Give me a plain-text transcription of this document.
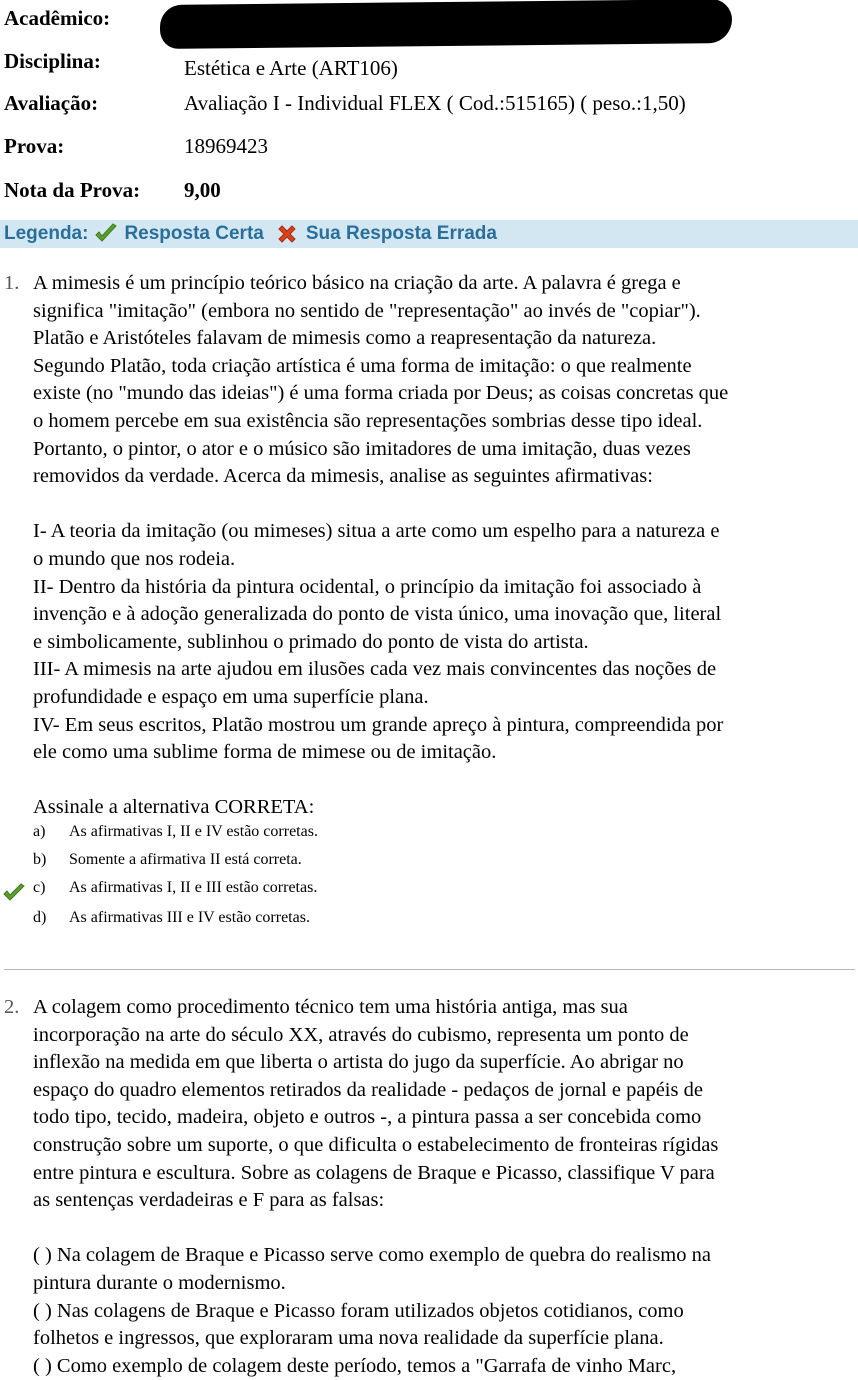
Acadêmico:
Disciplina:	Estética e Arte (ART106)
Avaliação:	Avaliação I - Individual FLEX ( Cod.:515165) ( peso.:1,50)
Prova:	18969423
Nota da Prova: 9,00
Legenda: Resposta Certa Sua Resposta Errada
1. A mimesis é um princípio teórico básico na criação da arte. A palavra é grega e
significa "imitação" (embora no sentido de "representação" ao invés de "copiar").
Platão e Aristóteles falavam de mimesis como a reapresentação da natureza.
Segundo Platão, toda criação artística é uma forma de imitação: o que realmente
existe (no "mundo das ideias") é uma forma criada por Deus; as coisas concretas que
o homem percebe em sua existência são representações sombrias desse tipo ideal.
Portanto, o pintor, o ator e o músico são imitadores de uma imitação, duas vezes
removidos da verdade. Acerca da mimesis, analise as seguintes afirmativas:
I- A teoria da imitação (ou mimeses) situa a arte como um espelho para a natureza e
o mundo que nos rodeia.
II- Dentro da história da pintura ocidental, o princípio da imitação foi associado à
invenção e à adoção generalizada do ponto de vista único, uma inovação que, literal
e simbolicamente, sublinhou o primado do ponto de vista do artista.
III- A mimesis na arte ajudou em ilusões cada vez mais convincentes das noções de
profundidade e espaço em uma superfície plana.
IV- Em seus escritos, Platão mostrou um grande apreço à pintura, compreendida por
ele como uma sublime forma de mimese ou de imitação.
Assinale a alternativa CORRETA:
a) As afirmativas I, II e IV estão corretas.
b) Somente a afirmativa II está correta.
c) As afirmativas I, II e III estão corretas.
d) As afirmativas III e IV estão corretas.
2. A colagem como procedimento técnico tem uma história antiga, mas sua
incorporação na arte do século XX, através do cubismo, representa um ponto de
inflexão na medida em que liberta o artista do jugo da superfície. Ao abrigar no
espaço do quadro elementos retirados da realidade - pedaços de jornal e papéis de
todo tipo, tecido, madeira, objeto e outros -, a pintura passa a ser concebida como
construção sobre um suporte, o que dificulta o estabelecimento de fronteiras rígidas
entre pintura e escultura. Sobre as colagens de Braque e Picasso, classifique V para
as sentenças verdadeiras e F para as falsas:
( ) Na colagem de Braque e Picasso serve como exemplo de quebra do realismo na
pintura durante o modernismo.
( ) Nas colagens de Braque e Picasso foram utilizados objetos cotidianos, como
folhetos e ingressos, que exploraram uma nova realidade da superfície plana.
( ) Como exemplo de colagem deste período, temos a "Garrafa de vinho Marc,
